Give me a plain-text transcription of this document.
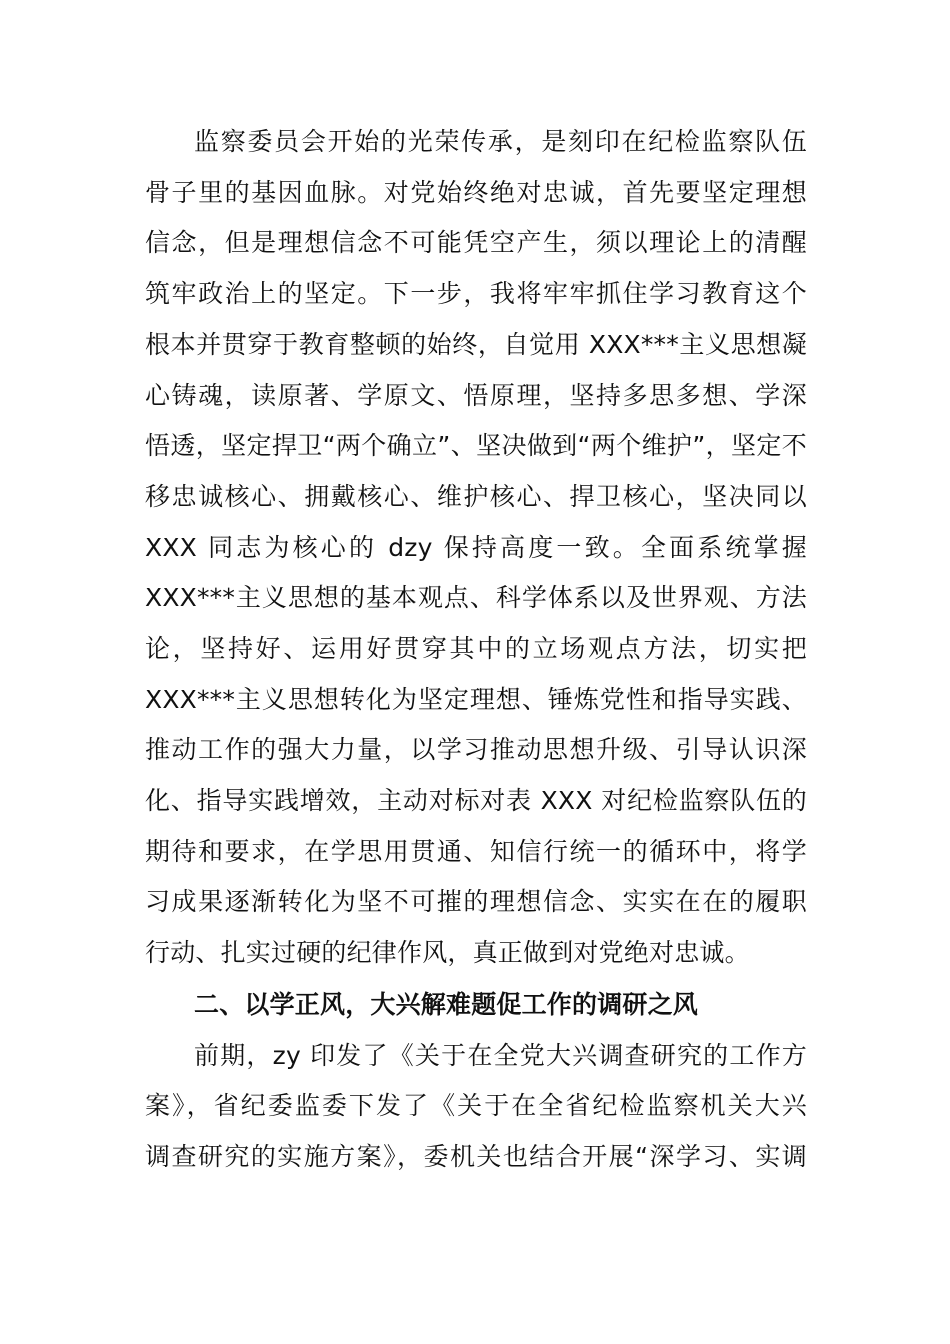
监察委员会开始的光荣传承，是刻印在纪检监察队伍
骨子里的基因血脉。对党始终绝对忠诚，首先要坚定理想
信念，但是理想信念不可能凭空产生，须以理论上的清醒
筑牢政治上的坚定。下一步，我将牢牢抓住学习教育这个
根本并贯穿于教育整顿的始终，自觉用 XXX***主义思想凝
心铸魂，读原著、学原文、悟原理，坚持多思多想、学深
悟透，坚定捍卫“两个确立”、坚决做到“两个维护”，坚定不
移忠诚核心、拥戴核心、维护核心、捍卫核心，坚决同以
XXX 同志为核心的 dzy 保持高度一致。全面系统掌握
XXX***主义思想的基本观点、科学体系以及世界观、方法
论，坚持好、运用好贯穿其中的立场观点方法，切实把
XXX***主义思想转化为坚定理想、锤炼党性和指导实践、
推动工作的强大力量，以学习推动思想升级、引导认识深
化、指导实践增效，主动对标对表 XXX 对纪检监察队伍的
期待和要求，在学思用贯通、知信行统一的循环中，将学
习成果逐渐转化为坚不可摧的理想信念、实实在在的履职
行动、扎实过硬的纪律作风，真正做到对党绝对忠诚。
二、以学正风，大兴解难题促工作的调研之风
前期，zy 印发了《关于在全党大兴调查研究的工作方
案》，省纪委监委下发了《关于在全省纪检监察机关大兴
调查研究的实施方案》，委机关也结合开展“深学习、实调
